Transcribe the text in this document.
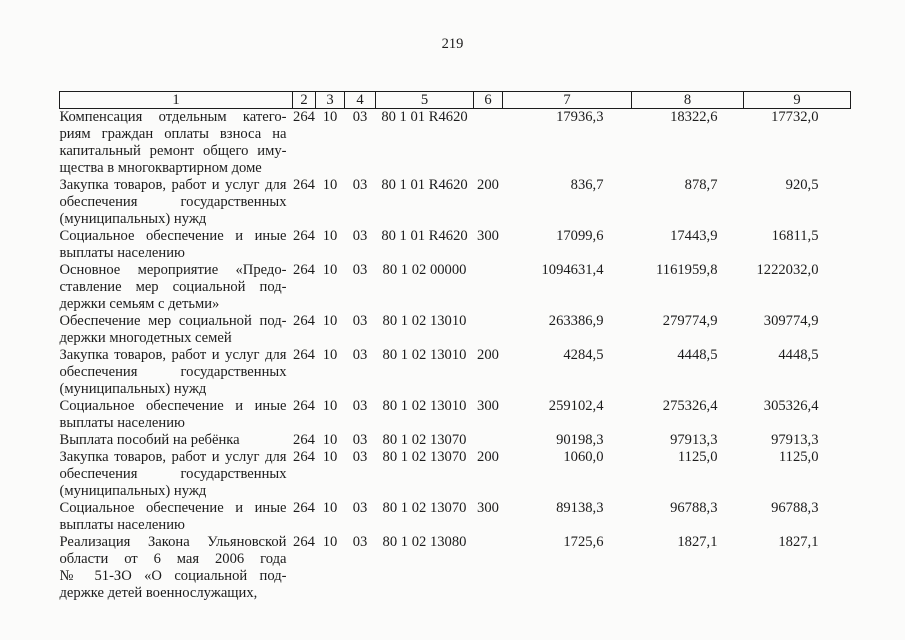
219
1	2	3	4	5	6	7	8	9

Компенсация отдельным катего-
риям граждан оплаты взноса на
капитальный ремонт общего иму-
щества в многоквартирном доме	264	10	03	80 1 01 R4620		17936,3	18322,6	17732,0

Закупка товаров, работ и услуг для
обеспечения государственных
(муниципальных) нужд	264	10	03	80 1 01 R4620	200	836,7	878,7	920,5

Социальное обеспечение и иные
выплаты населению	264	10	03	80 1 01 R4620	300	17099,6	17443,9	16811,5

Основное мероприятие «Предо-
ставление мер социальной под-
держки семьям с детьми»	264	10	03	80 1 02 00000		1094631,4	1161959,8	1222032,0

Обеспечение мер социальной под-
держки многодетных семей	264	10	03	80 1 02 13010		263386,9	279774,9	309774,9

Закупка товаров, работ и услуг для
обеспечения государственных
(муниципальных) нужд	264	10	03	80 1 02 13010	200	4284,5	4448,5	4448,5

Социальное обеспечение и иные
выплаты населению	264	10	03	80 1 02 13010	300	259102,4	275326,4	305326,4

Выплата пособий на ребёнка	264	10	03	80 1 02 13070		90198,3	97913,3	97913,3

Закупка товаров, работ и услуг для
обеспечения государственных
(муниципальных) нужд	264	10	03	80 1 02 13070	200	1060,0	1125,0	1125,0

Социальное обеспечение и иные
выплаты населению	264	10	03	80 1 02 13070	300	89138,3	96788,3	96788,3

Реализация Закона Ульяновской
области от 6 мая 2006 года
№ 51-ЗО «О социальной под-
держке детей военнослужащих,	264	10	03	80 1 02 13080		1725,6	1827,1	1827,1
